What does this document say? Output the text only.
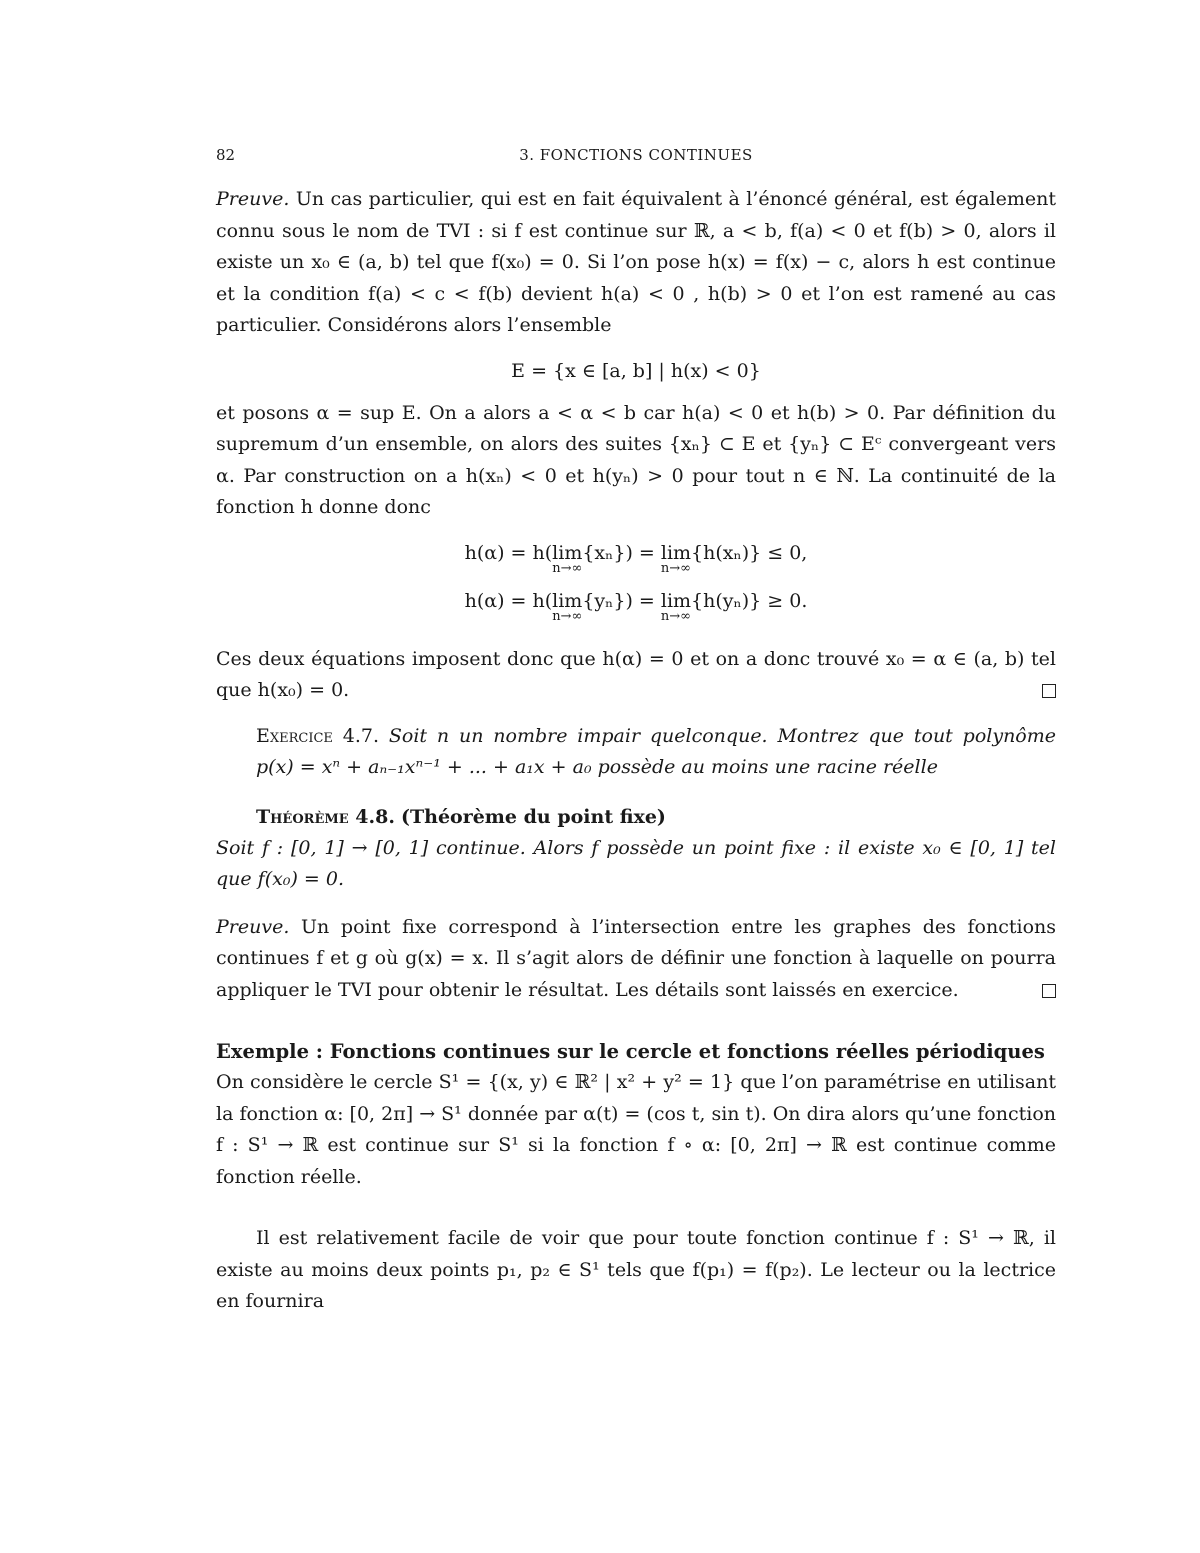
82	3. FONCTIONS CONTINUES

Preuve. Un cas particulier, qui est en fait équivalent à l’énoncé général, est également connu sous le nom de TVI : si f est continue sur ℝ, a < b, f(a) < 0 et f(b) > 0, alors il existe un x₀ ∈ (a, b) tel que f(x₀) = 0. Si l’on pose h(x) = f(x) − c, alors h est continue et la condition f(a) < c < f(b) devient h(a) < 0 , h(b) > 0 et l’on est ramené au cas particulier. Considérons alors l’ensemble

E = {x ∈ [a, b] | h(x) < 0}

et posons α = sup E. On a alors a < α < b car h(a) < 0 et h(b) > 0. Par définition du supremum d’un ensemble, on alors des suites {xₙ} ⊂ E et {yₙ} ⊂ Eᶜ convergeant vers α. Par construction on a h(xₙ) < 0 et h(yₙ) > 0 pour tout n ∈ ℕ. La continuité de la fonction h donne donc

h(α) = h( lim
n→∞
{xₙ}) = lim
n→∞
{h(xₙ)} ≤ 0,
h(α) = h( lim
n→∞
{yₙ}) = lim
n→∞
{h(yₙ)} ≥ 0.

Ces deux équations imposent donc que h(α) = 0 et on a donc trouvé x₀ = α ∈ (a, b) tel que h(x₀) = 0.

Exercice 4.7. Soit n un nombre impair quelconque. Montrez que tout polynôme p(x) = xⁿ + aₙ₋₁xⁿ⁻¹ + ... + a₁x + a₀ possède au moins une racine réelle

Théorème 4.8. (Théorème du point fixe)

Soit f : [0, 1] → [0, 1] continue. Alors f possède un point fixe : il existe x₀ ∈ [0, 1] tel que f(x₀) = 0.

Preuve. Un point fixe correspond à l’intersection entre les graphes des fonctions continues f et g où g(x) = x. Il s’agit alors de définir une fonction à laquelle on pourra appliquer le TVI pour obtenir le résultat. Les détails sont laissés en exercice.

Exemple : Fonctions continues sur le cercle et fonctions réelles périodiques

On considère le cercle S¹ = {(x, y) ∈ ℝ² | x² + y² = 1} que l’on paramétrise en utilisant la fonction α: [0, 2π] → S¹ donnée par α(t) = (cos t, sin t). On dira alors qu’une fonction f : S¹ → ℝ est continue sur S¹ si la fonction f ∘ α: [0, 2π] → ℝ est continue comme fonction réelle.

Il est relativement facile de voir que pour toute fonction continue f : S¹ → ℝ, il existe au moins deux points p₁, p₂ ∈ S¹ tels que f(p₁) = f(p₂). Le lecteur ou la lectrice en fournira
